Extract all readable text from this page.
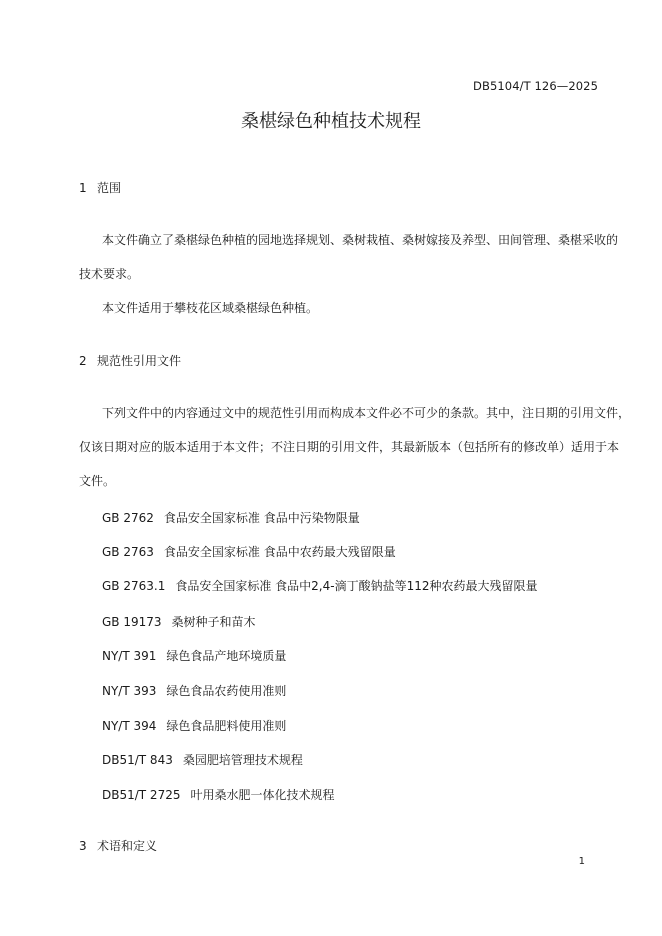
DB5104/T 126—2025
桑椹绿色种植技术规程
1 范围
本文件确立了桑椹绿色种植的园地选择规划、桑树栽植、桑树嫁接及养型、田间管理、桑椹采收的
技术要求。
本文件适用于攀枝花区域桑椹绿色种植。
2 规范性引用文件
下列文件中的内容通过文中的规范性引用而构成本文件必不可少的条款。其中，注日期的引用文件，
仅该日期对应的版本适用于本文件；不注日期的引用文件，其最新版本（包括所有的修改单）适用于本
文件。
GB 2762 食品安全国家标准 食品中污染物限量
GB 2763 食品安全国家标准 食品中农药最大残留限量
GB 2763.1 食品安全国家标准 食品中2,4-滴丁酸钠盐等112种农药最大残留限量
GB 19173 桑树种子和苗木
NY/T 391 绿色食品产地环境质量
NY/T 393 绿色食品农药使用准则
NY/T 394 绿色食品肥料使用准则
DB51/T 843 桑园肥培管理技术规程
DB51/T 2725 叶用桑水肥一体化技术规程
3 术语和定义
1
